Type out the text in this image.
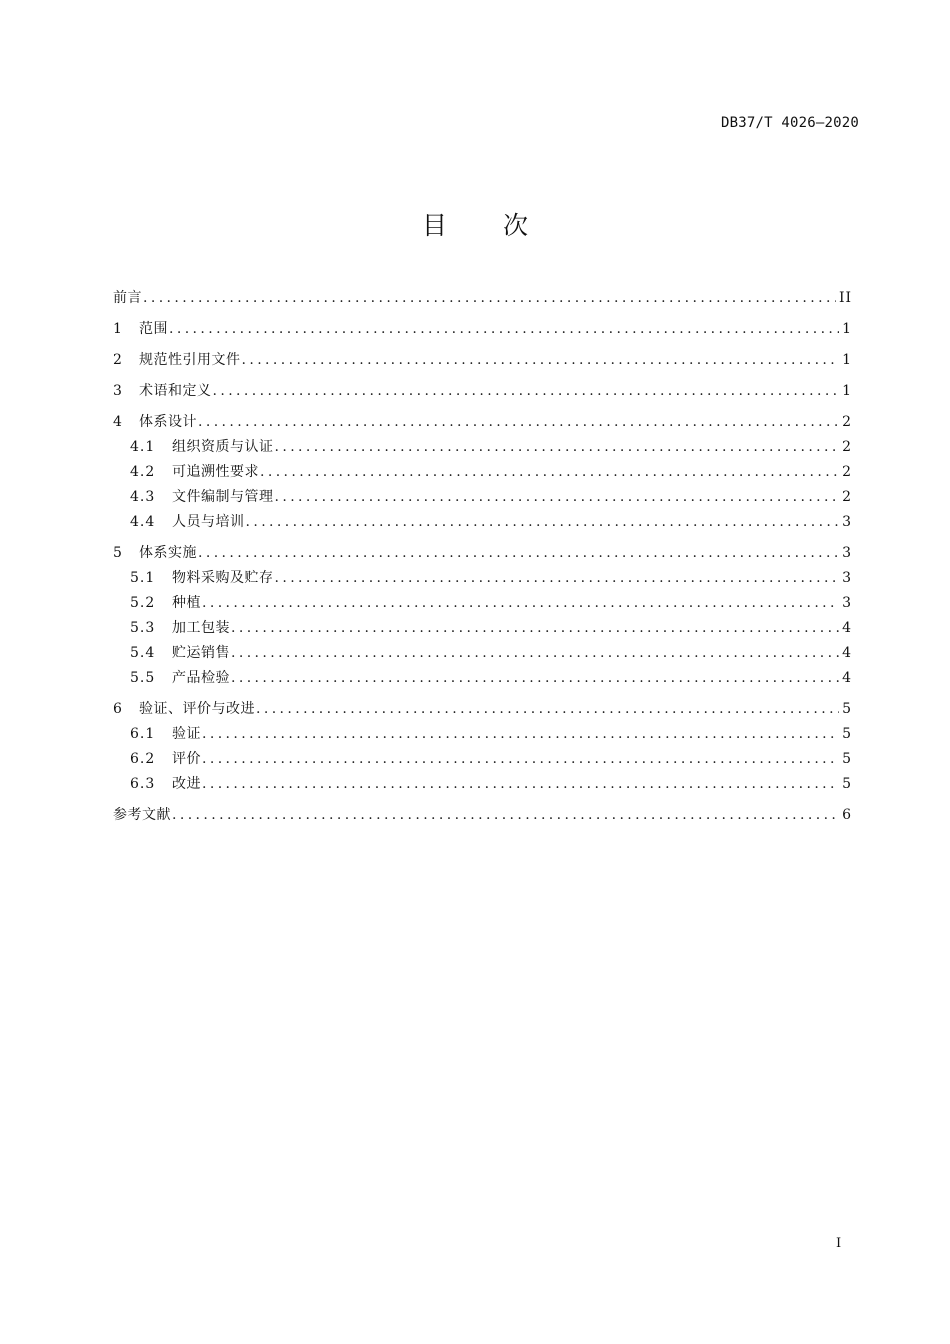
DB37/T 4026—2020
目 次
前言 .....	II
1	范围 .....	1
2	规范性引用文件 .....	1
3	术语和定义 .....	1
4	体系设计 .....	2
4.1	组织资质与认证 .....	2
4.2	可追溯性要求 .....	2
4.3	文件编制与管理 .....	2
4.4	人员与培训 .....	3
5	体系实施 .....	3
5.1	物料采购及贮存 .....	3
5.2	种植 .....	3
5.3	加工包装 .....	4
5.4	贮运销售 .....	4
5.5	产品检验 .....	4
6	验证、评价与改进 .....	5
6.1	验证 .....	5
6.2	评价 .....	5
6.3	改进 .....	5
参考文献 .....	6
I
